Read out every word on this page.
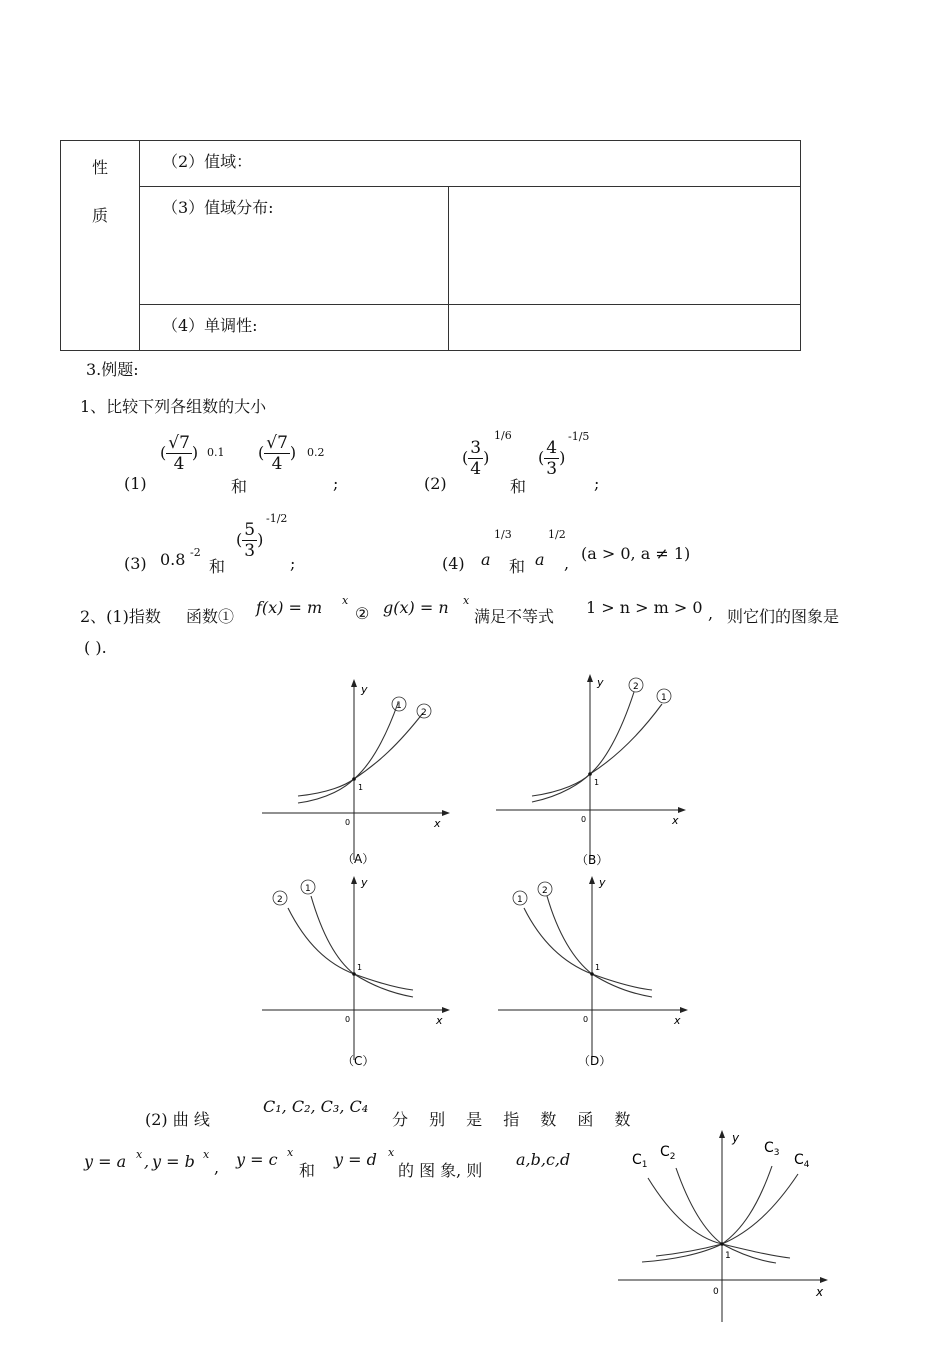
性
质	（2）值域：	

	（3）值域分布:	

	（4）单调性:	

3.例题:
1、比较下列各组数的大小
(1)
( $\frac{√7}{4}$ ) 0.1
和
( $\frac{√7}{4}$ ) 0.2
;	(2)
( $\frac{3}{4}$ )
1/6
和
( $\frac{4}{3}$ )
-1/5
;
(3) 0.8 -2
和
( $\frac{5}{3}$ )
-1/2
;	(4) a
1/3
和 a
1/2
,
(a > 0, a ≠ 1)
2、(1)指数 函数① f(x) = m x
② g(x) = n x
满足不等式 1 > n > m > 0 , 则它们的图象是
( ).
y
x
0
1
1
2
（A）
y
x
0
1
2
1
（B）
y
x
0
1
2
1
（C）
y
x
0
1
1
2
（D）
(2) 曲 线
C₁, C₂, C₃, C₄
分 别 是 指 数 函 数
y = a x , y = b x
, y = c x
和
y = d x
的 图 象, 则
a,b,c,d
y
x
0
1
$C_1$
$C_2$
$C_3$ $C_4$
